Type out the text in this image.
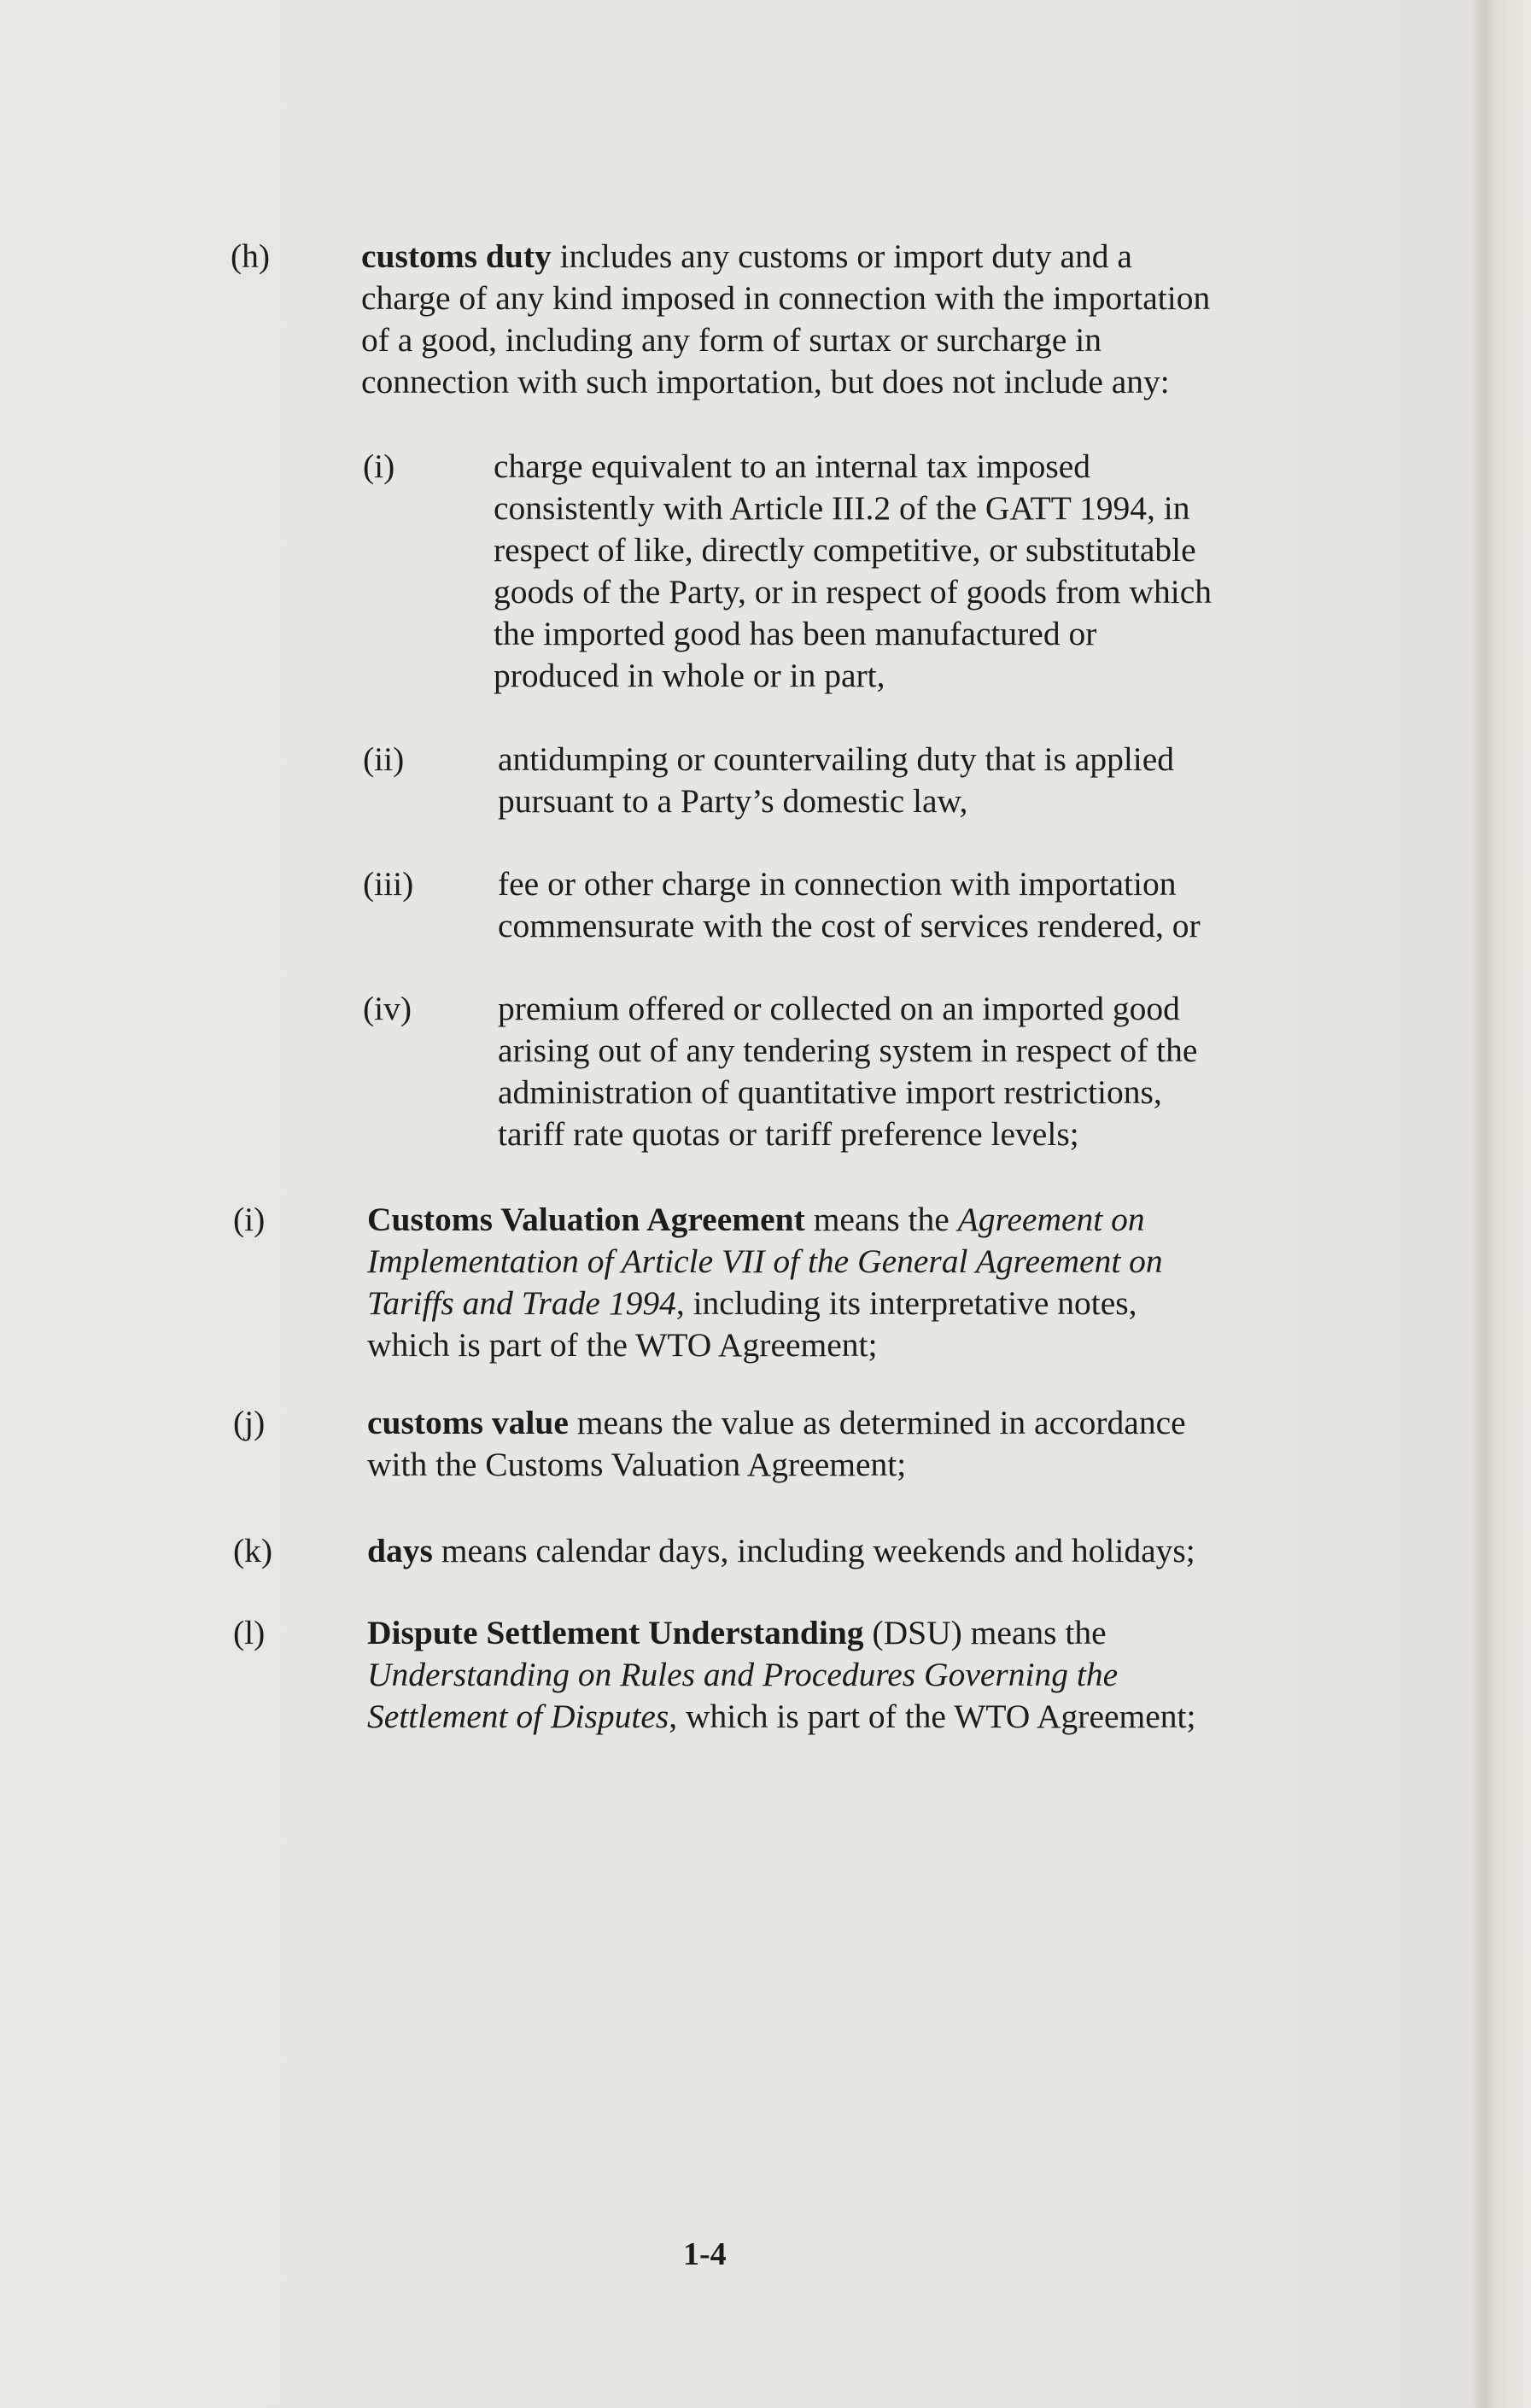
(h)	customs duty includes any customs or import duty and a
charge of any kind imposed in connection with the importation
of a good, including any form of surtax or surcharge in
connection with such importation, but does not include any:
(i)	charge equivalent to an internal tax imposed
consistently with Article III.2 of the GATT 1994, in
respect of like, directly competitive, or substitutable
goods of the Party, or in respect of goods from which
the imported good has been manufactured or
produced in whole or in part,
(ii)	antidumping or countervailing duty that is applied
pursuant to a Party’s domestic law,
(iii)	fee or other charge in connection with importation
commensurate with the cost of services rendered, or
(iv)	premium offered or collected on an imported good
arising out of any tendering system in respect of the
administration of quantitative import restrictions,
tariff rate quotas or tariff preference levels;
(i)	Customs Valuation Agreement means the Agreement on
Implementation of Article VII of the General Agreement on
Tariffs and Trade 1994, including its interpretative notes,
which is part of the WTO Agreement;
(j)	customs value means the value as determined in accordance
with the Customs Valuation Agreement;
(k)	days means calendar days, including weekends and holidays;
(l)	Dispute Settlement Understanding (DSU) means the
Understanding on Rules and Procedures Governing the
Settlement of Disputes, which is part of the WTO Agreement;
1-4
